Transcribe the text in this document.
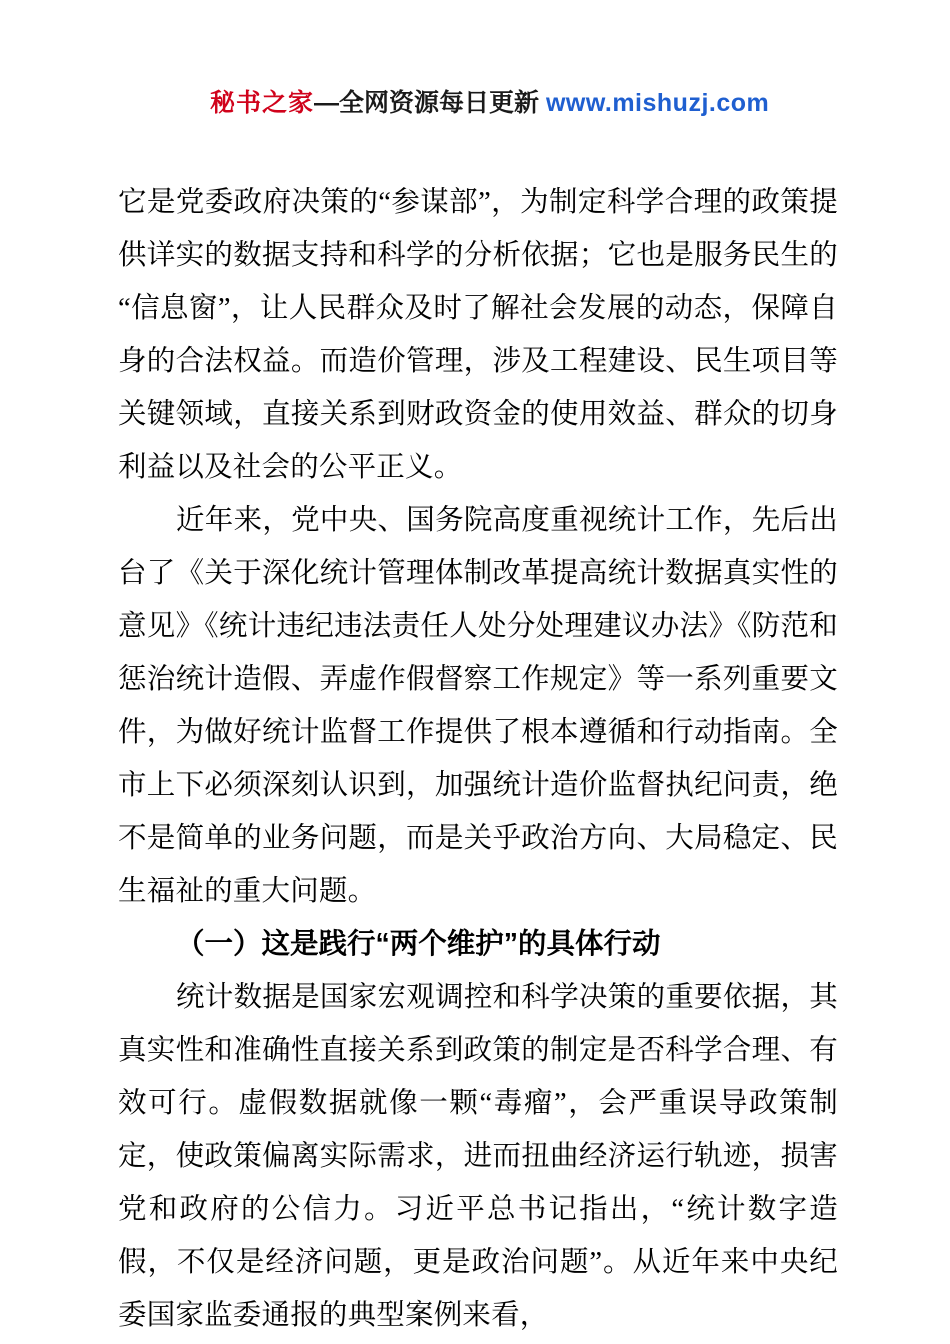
秘书之家—全网资源每日更新 www.mishuzj.com

它是党委政府决策的“参谋部”，为制定科学合理的政策提供详实的数据支持和科学的分析依据；它也是服务民生的“信息窗”，让人民群众及时了解社会发展的动态，保障自身的合法权益。而造价管理，涉及工程建设、民生项目等关键领域，直接关系到财政资金的使用效益、群众的切身利益以及社会的公平正义。

近年来，党中央、国务院高度重视统计工作，先后出台了《关于深化统计管理体制改革提高统计数据真实性的意见》《统计违纪违法责任人处分处理建议办法》《防范和惩治统计造假、弄虚作假督察工作规定》等一系列重要文件，为做好统计监督工作提供了根本遵循和行动指南。全市上下必须深刻认识到，加强统计造价监督执纪问责，绝不是简单的业务问题，而是关乎政治方向、大局稳定、民生福祉的重大问题。

（一）这是践行“两个维护”的具体行动

统计数据是国家宏观调控和科学决策的重要依据，其真实性和准确性直接关系到政策的制定是否科学合理、有效可行。虚假数据就像一颗“毒瘤”，会严重误导政策制定，使政策偏离实际需求，进而扭曲经济运行轨迹，损害党和政府的公信力。习近平总书记指出，“统计数字造假，不仅是经济问题，更是政治问题”。从近年来中央纪委国家监委通报的典型案例来看，
